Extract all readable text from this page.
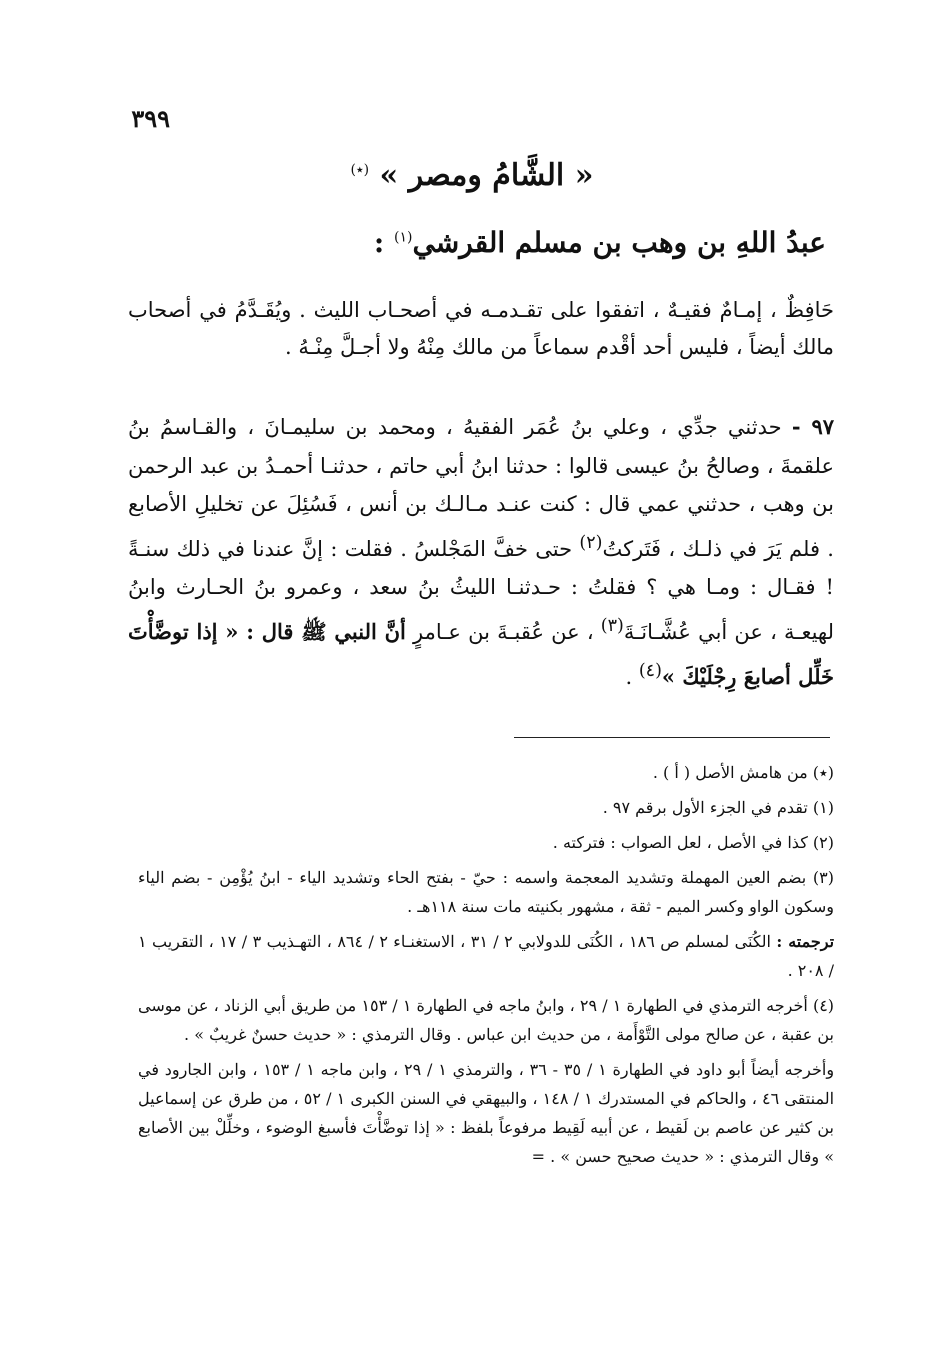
٣٩٩
« الشَّامُ ومصر » (٭)
عبدُ اللهِ بن وهب بن مسلم القرشي$^{(١)}$ :

حَافِظٌ ، إمـامٌ فقيـهٌ ، اتفقوا على تقـدمـه في أصحـاب الليث . ويُقَـدَّمُ في أصحاب مالك أيضاً ، فليس أحد أقْدم سماعاً من مالك مِنْهُ ولا أجـلَّ مِنْـهُ .

٩٧ - حدثني جدِّي ، وعلي بنُ عُمَر الفقيهُ ، ومحمد بن سليمـانَ ، والقـاسمُ بنُ علقمةَ ، وصالحُ بنُ عيسى قالوا : حدثنا ابنُ أبي حاتم ، حدثنـا أحمـدُ بن عبد الرحمن بن وهب ، حدثني عمي قال : كنت عنـد مـالـك بن أنس ، فَسُئِلَ عن تخليلِ الأصابع . فلم يَرَ في ذلـك ، فَتَركتُ$^{(٢)}$ حتى خفَّ المَجْلسُ . فقلت : إنَّ عندنا في ذلك سنـةً ! فقـال : ومـا هي ؟ فقلتُ : حـدثنـا الليثُ بنُ سعد ، وعمرو بنُ الحـارث وابنُ لهيعـة ، عن أبي عُشَّـانَـةَ$^{(٣)}$ ، عن عُقبـةَ بن عـامرٍ أنَّ النبي ﷺ قال : « إذا توضَّأْتَ خَلِّل أصابعَ رِجْلَيْكَ »$^{(٤)}$ .

(٭) من هامش الأصل ( أ ) .
(١) تقدم في الجزء الأول برقم ٩٧ .
(٢) كذا في الأصل ، لعل الصواب : فتركته .
(٣) بضم العين المهملة وتشديد المعجمة واسمه : حيّ - بفتح الحاء وتشديد الياء - ابنُ يُؤْمِن - بضم الياء وسكون الواو وكسر الميم - ثقة ، مشهور بكنيته مات سنة ١١٨هـ .
ترجمته : الكُنَى لمسلم ص ١٨٦ ، الكُنَى للدولابي ٢ / ٣١ ، الاستغنـاء ٢ / ٨٦٤ ، التهـذيب ٣ / ١٧ ، التقريب ١ / ٢٠٨ .
(٤) أخرجه الترمذي في الطهارة ١ / ٢٩ ، وابنُ ماجه في الطهارة ١ / ١٥٣ من طريق أبي الزناد ، عن موسى بن عقبة ، عن صالح مولى التَّوْأَمة ، من حديث ابن عباس . وقال الترمذي : « حديث حسنٌ غريبٌ » .
وأخرجه أيضاً أبو داود في الطهارة ١ / ٣٥ - ٣٦ ، والترمذي ١ / ٢٩ ، وابن ماجه ١ / ١٥٣ ، وابن الجارود في المنتقى ٤٦ ، والحاكم في المستدرك ١ / ١٤٨ ، والبيهقي في السنن الكبرى ١ / ٥٢ ، من طرق عن إسماعيل بن كثير عن عاصم بن لَقيط ، عن أبيه لَقِيط مرفوعاً بلفظ : « إذا توضَّأْتَ فأسبغ الوضوء ، وخلِّلْ بين الأصابع » وقال الترمذي : « حديث صحيح حسن » . =
